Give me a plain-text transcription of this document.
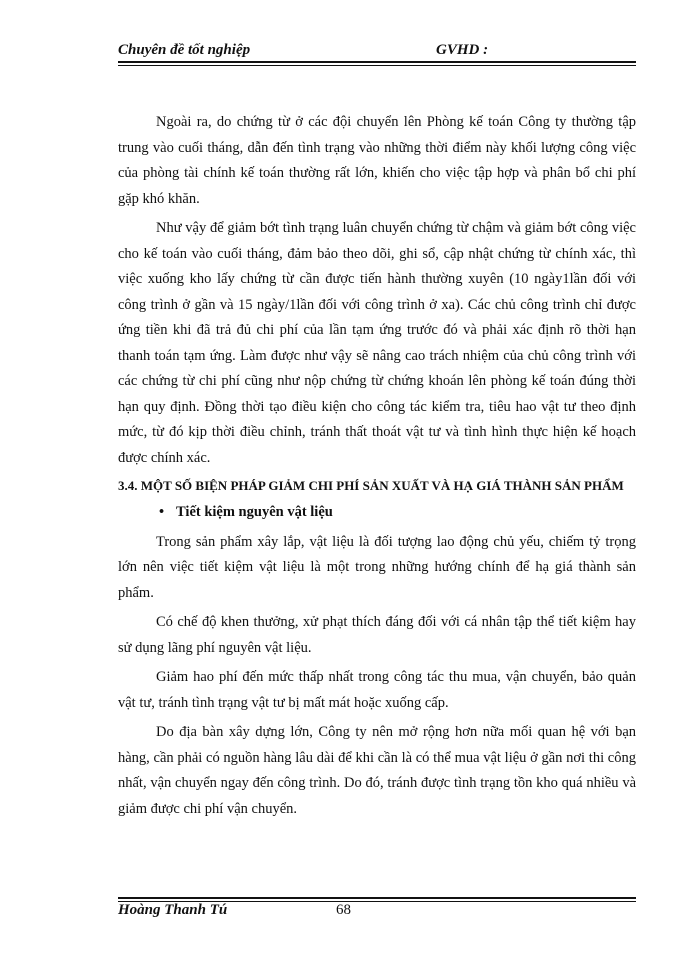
Chuyên đề tốt nghiệp	GVHD :

Ngoài ra, do chứng từ ở các đội chuyển lên Phòng kế toán Công ty thường tập trung vào cuối tháng, dẫn đến tình trạng vào những thời điểm này khối lượng công việc của phòng tài chính kế toán thường rất lớn, khiến cho việc tập hợp và phân bổ chi phí gặp khó khăn.

Như vậy để giảm bớt tình trạng luân chuyển chứng từ chậm và giảm bớt công việc cho kế toán vào cuối tháng, đảm bảo theo dõi, ghi sổ, cập nhật chứng từ chính xác, thì việc xuống kho lấy chứng từ cần được tiến hành thường xuyên (10 ngày1lần đối với công trình ở gần và 15 ngày/1lần đối với công trình ở xa). Các chủ công trình chỉ được ứng tiền khi đã trả đủ chi phí của lần tạm ứng trước đó và phải xác định rõ thời hạn thanh toán tạm ứng. Làm được như vậy sẽ nâng cao trách nhiệm của chủ công trình với các chứng từ chi phí cũng như nộp chứng từ chứng khoán lên phòng kế toán đúng thời hạn quy định. Đồng thời tạo điều kiện cho công tác kiểm tra, tiêu hao vật tư theo định mức, từ đó kịp thời điều chỉnh, tránh thất thoát vật tư và tình hình thực hiện kế hoạch được chính xác.

3.4. MỘT SỐ BIỆN PHÁP GIẢM CHI PHÍ SẢN XUẤT VÀ HẠ GIÁ THÀNH SẢN PHẨM
• Tiết kiệm nguyên vật liệu

Trong sản phẩm xây lắp, vật liệu là đối tượng lao động chủ yếu, chiếm tỷ trọng lớn nên việc tiết kiệm vật liệu là một trong những hướng chính để hạ giá thành sản phẩm.

Có chế độ khen thưởng, xử phạt thích đáng đối với cá nhân tập thể tiết kiệm hay sử dụng lãng phí nguyên vật liệu.

Giảm hao phí đến mức thấp nhất trong công tác thu mua, vận chuyển, bảo quản vật tư, tránh tình trạng vật tư bị mất mát hoặc xuống cấp.

Do địa bàn xây dựng lớn, Công ty nên mở rộng hơn nữa mối quan hệ với bạn hàng, cần phải có nguồn hàng lâu dài để khi cần là có thể mua vật liệu ở gần nơi thi công nhất, vận chuyển ngay đến công trình. Do đó, tránh được tình trạng tồn kho quá nhiều và giảm được chi phí vận chuyển.

Hoàng Thanh Tú	68
